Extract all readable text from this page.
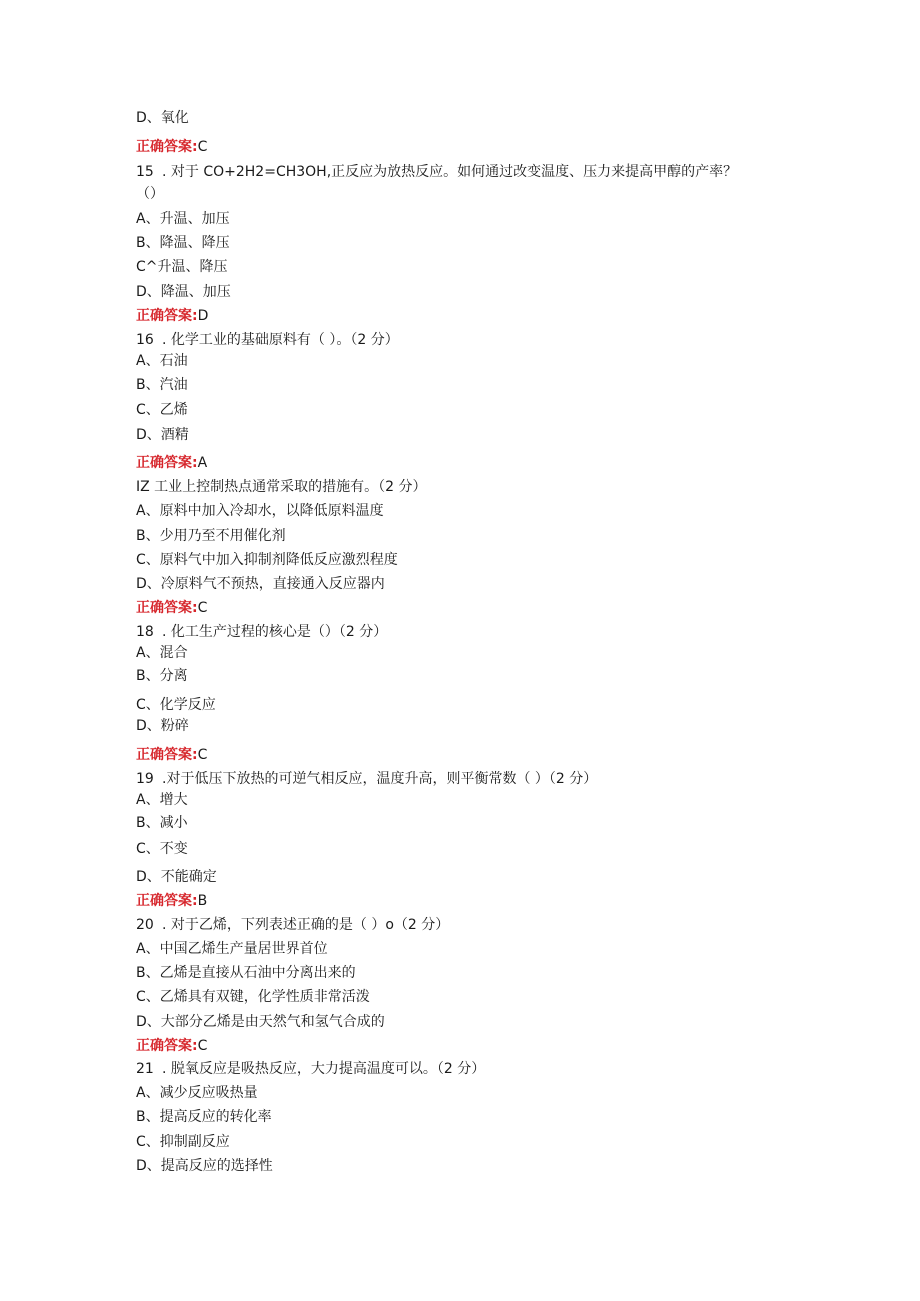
D、氧化
正确答案:C
15 . 对于 CO+2H2=CH3OH,正反应为放热反应。如何通过改变温度、压力来提高甲醇的产率？
（）
A、升温、加压
B、降温、降压
C^升温、降压
D、降温、加压
正确答案:D
16 . 化学工业的基础原料有（ ）。（2 分）
A、石油
B、汽油
C、乙烯
D、酒精
正确答案:A
IZ 工业上控制热点通常采取的措施有。（2 分）
A、原料中加入冷却水，以降低原料温度
B、少用乃至不用催化剂
C、原料气中加入抑制剂降低反应激烈程度
D、冷原料气不预热，直接通入反应器内
正确答案:C
18 . 化工生产过程的核心是（）（2 分）
A、混合
B、分离
C、化学反应
D、粉碎
正确答案:C
19 .对于低压下放热的可逆气相反应，温度升高，则平衡常数（ ）（2 分）
A、增大
B、减小
C、不变
D、不能确定
正确答案:B
20 . 对于乙烯，下列表述正确的是（ ）o（2 分）
A、中国乙烯生产量居世界首位
B、乙烯是直接从石油中分离出来的
C、乙烯具有双键，化学性质非常活泼
D、大部分乙烯是由天然气和氢气合成的
正确答案:C
21 . 脱氧反应是吸热反应，大力提高温度可以。（2 分）
A、减少反应吸热量
B、提高反应的转化率
C、抑制副反应
D、提高反应的选择性
